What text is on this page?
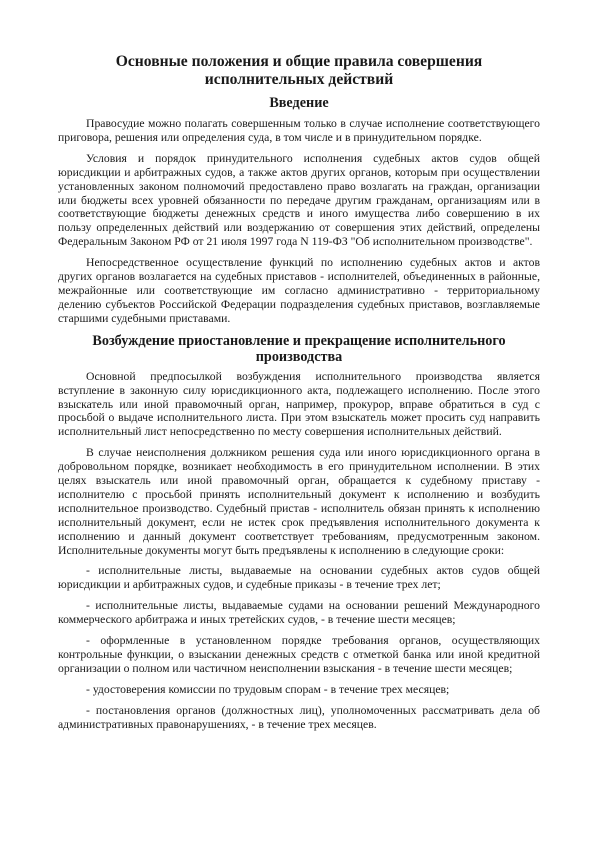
Основные положения и общие правила совершения исполнительных действий
Введение

Правосудие можно полагать совершенным только в случае исполнение соответствующего приговора, решения или определения суда, в том числе и в принудительном порядке.

Условия и порядок принудительного исполнения судебных актов судов общей юрисдикции и арбитражных судов, а также актов других органов, которым при осуществлении установленных законом полномочий предоставлено право возлагать на граждан, организации или бюджеты всех уровней обязанности по передаче другим гражданам, организациям или в соответствующие бюджеты денежных средств и иного имущества либо совершению в их пользу определенных действий или воздержанию от совершения этих действий, определены Федеральным Законом РФ от 21 июля 1997 года N 119-ФЗ "Об исполнительном производстве".

Непосредственное осуществление функций по исполнению судебных актов и актов других органов возлагается на судебных приставов - исполнителей, объединенных в районные, межрайонные или соответствующие им согласно административно - территориальному делению субъектов Российской Федерации подразделения судебных приставов, возглавляемые старшими судебными приставами.

Возбуждение приостановление и прекращение исполнительного производства

Основной предпосылкой возбуждения исполнительного производства является вступление в законную силу юрисдикционного акта, подлежащего исполнению. После этого взыскатель или иной правомочный орган, например, прокурор, вправе обратиться в суд с просьбой о выдаче исполнительного листа. При этом взыскатель может просить суд направить исполнительный лист непосредственно по месту совершения исполнительных действий.

В случае неисполнения должником решения суда или иного юрисдикционного органа в добровольном порядке, возникает необходимость в его принудительном исполнении. В этих целях взыскатель или иной правомочный орган, обращается к судебному приставу - исполнителю с просьбой принять исполнительный документ к исполнению и возбудить исполнительное производство. Судебный пристав - исполнитель обязан принять к исполнению исполнительный документ, если не истек срок предъявления исполнительного документа к исполнению и данный документ соответствует требованиям, предусмотренным законом. Исполнительные документы могут быть предъявлены к исполнению в следующие сроки:

- исполнительные листы, выдаваемые на основании судебных актов судов общей юрисдикции и арбитражных судов, и судебные приказы - в течение трех лет;

- исполнительные листы, выдаваемые судами на основании решений Международного коммерческого арбитража и иных третейских судов, - в течение шести месяцев;

- оформленные в установленном порядке требования органов, осуществляющих контрольные функции, о взыскании денежных средств с отметкой банка или иной кредитной организации о полном или частичном неисполнении взыскания - в течение шести месяцев;

- удостоверения комиссии по трудовым спорам - в течение трех месяцев;

- постановления органов (должностных лиц), уполномоченных рассматривать дела об административных правонарушениях, - в течение трех месяцев.
